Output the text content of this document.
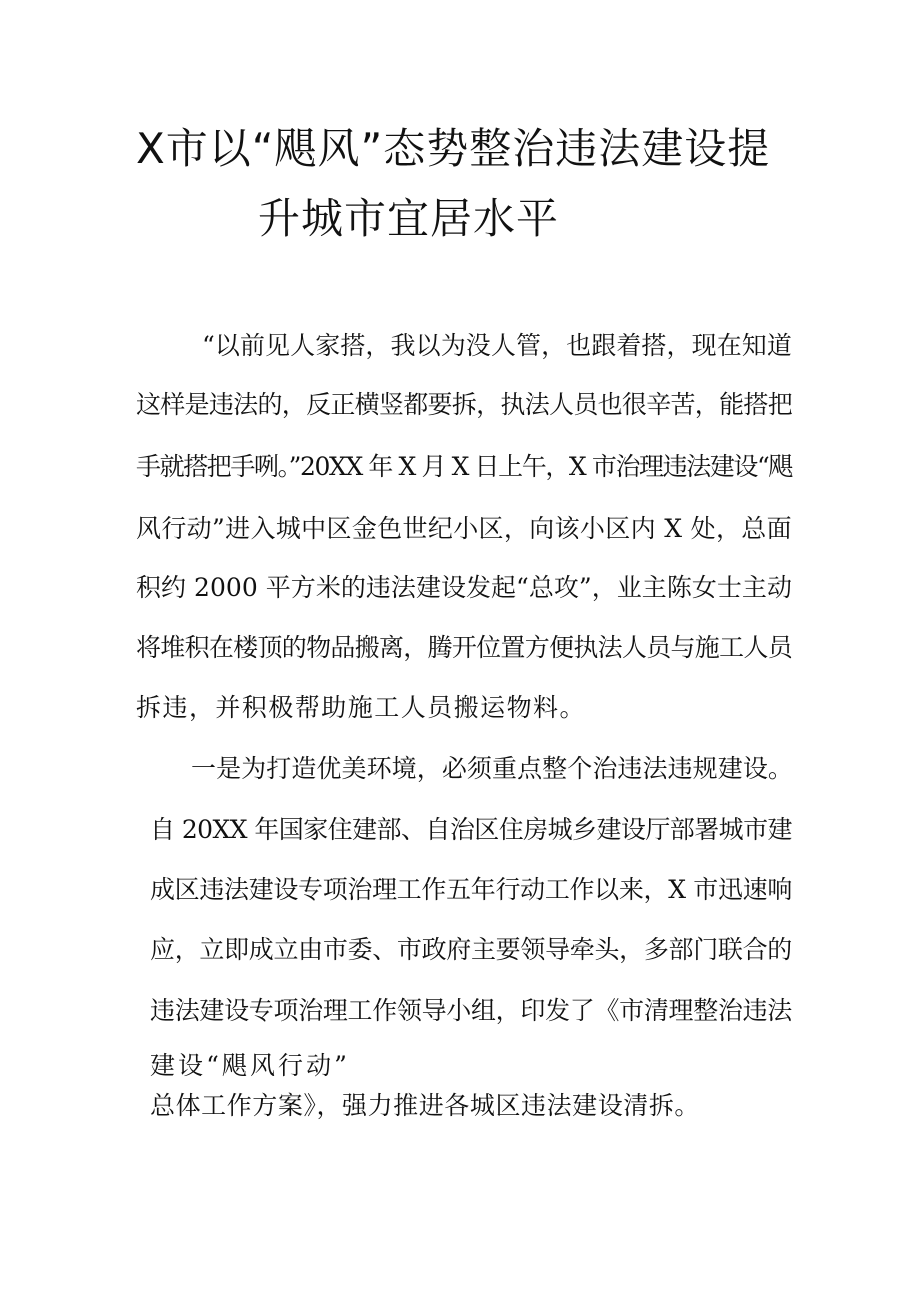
X市以“飓风”态势整治违法建设提
升城市宜居水平
“以前见人家搭，我以为没人管，也跟着搭，现在知道
这样是违法的，反正横竖都要拆，执法人员也很辛苦，能搭把
手就搭把手咧。”20XX 年 X 月 X 日上午，X 市治理违法建设“飓
风行动”进入城中区金色世纪小区，向该小区内 X 处，总面
积约 2000 平方米的违法建设发起“总攻”，业主陈女士主动
将堆积在楼顶的物品搬离，腾开位置方便执法人员与施工人员
拆违，并积极帮助施工人员搬运物料。
一是为打造优美环境，必须重点整个治违法违规建设。
自 20XX 年国家住建部、自治区住房城乡建设厅部署城市建
成区违法建设专项治理工作五年行动工作以来，X 市迅速响
应，立即成立由市委、市政府主要领导牵头，多部门联合的
违法建设专项治理工作领导小组，印发了《市清理整治违法
建设“飓风行动”
总体工作方案》，强力推进各城区违法建设清拆。
